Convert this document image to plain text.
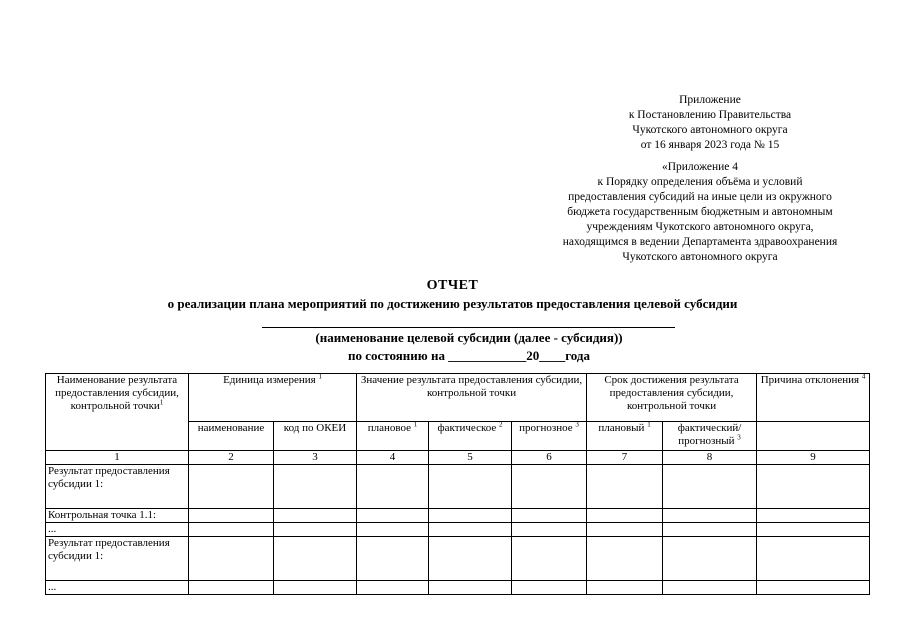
Приложение
к Постановлению Правительства
Чукотского автономного округа
от 16 января 2023 года № 15
«Приложение 4
к Порядку определения объёма и условий
предоставления субсидий на иные цели из окружного
бюджета государственным бюджетным и автономным
учреждениям Чукотского автономного округа,
находящимся в ведении Департамента здравоохранения
Чукотского автономного округа
ОТЧЕТ
о реализации плана мероприятий по достижению результатов предоставления целевой субсидии
(наименование целевой субсидии (далее - субсидия))
по состоянию на ____________20____года
Наименование результата предоставления субсидии, контрольной точки$^1$	Единица измерения $^1$		Значение результата предоставления субсидии, контрольной точки			Срок достижения результата предоставления субсидии, контрольной точки		Причина отклонения $^4$
	наименование	код по ОКЕИ	плановое $^1$	фактическое $^2$	прогнозное $^3$	плановый $^1$	фактический/ прогнозный $^3$	
1	2	3	4	5	6	7	8	9
Результат предоставления субсидии 1:								
Контрольная точка 1.1:								
...								
Результат предоставления субсидии 1:								
...								
